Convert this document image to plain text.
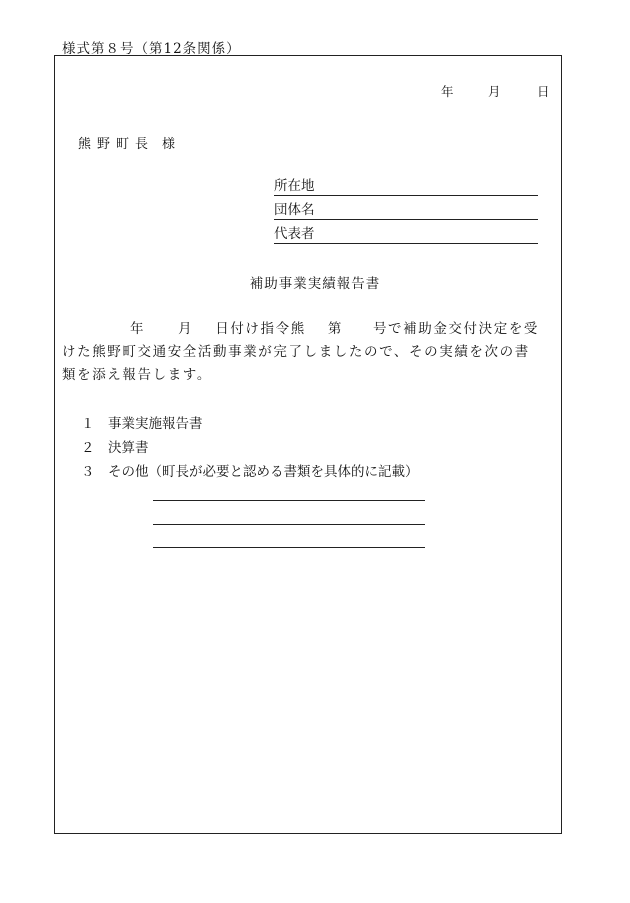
様式第８号（第12条関係）
年	月	日
熊野町長 様
所在地
団体名
代表者
補助事業実績報告書
年 月 日付け指令熊 第 号で補助金交付決定を受
けた熊野町交通安全活動事業が完了しましたので、その実績を次の書
類を添え報告します。
１ 事業実施報告書
２ 決算書
３ その他（町長が必要と認める書類を具体的に記載）
